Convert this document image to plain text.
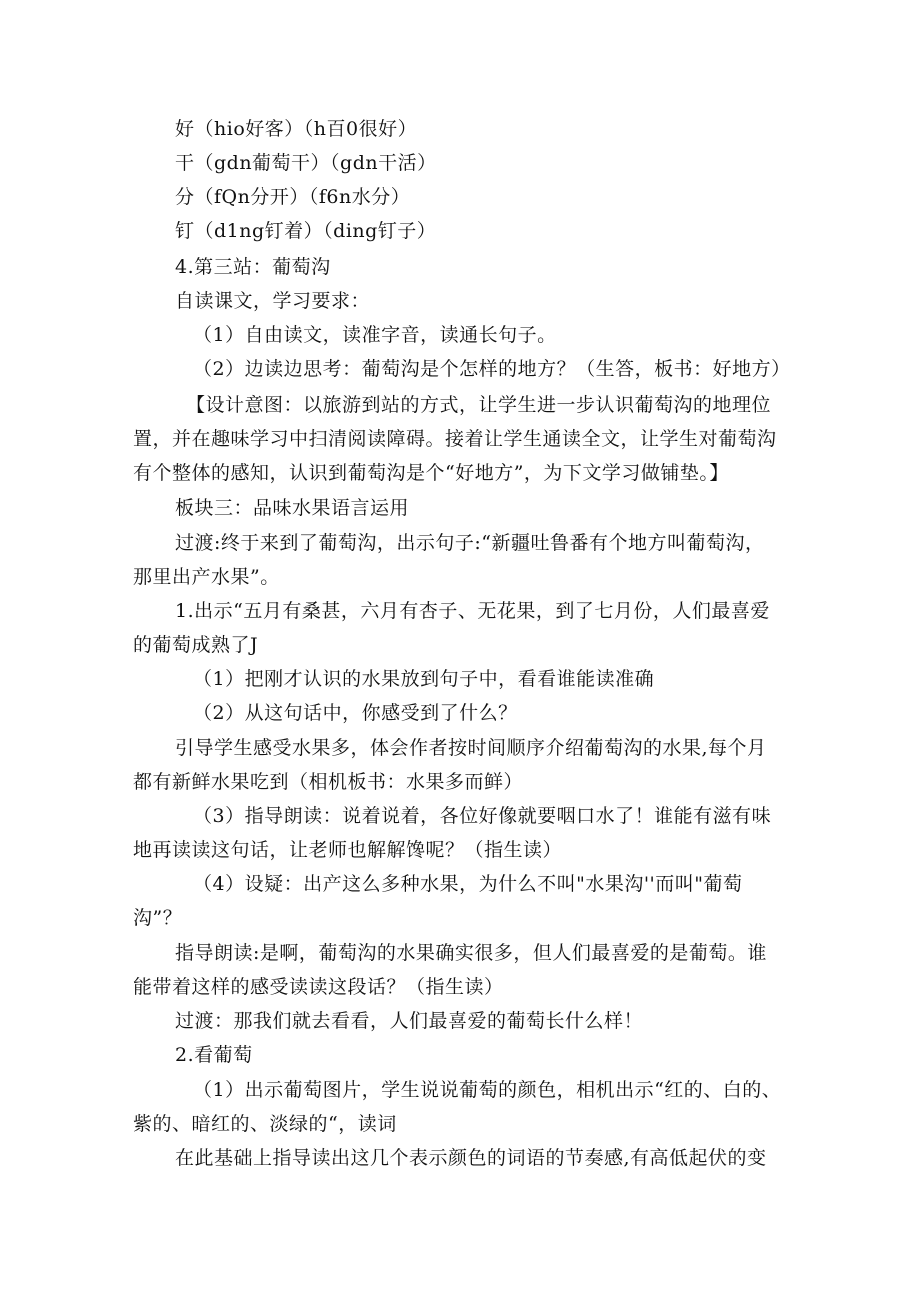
好（hio好客）（h百0很好）
干（gdn葡萄干）（gdn干活）
分（fQn分开）（f6n水分）
钉（d1ng钉着）（ding钉子）
4.第三站：葡萄沟
自读课文，学习要求：
（1）自由读文，读准字音，读通长句子。
（2）边读边思考：葡萄沟是个怎样的地方？（生答，板书：好地方）
【设计意图：以旅游到站的方式，让学生进一步认识葡萄沟的地理位
置，并在趣味学习中扫清阅读障碍。接着让学生通读全文，让学生对葡萄沟
有个整体的感知，认识到葡萄沟是个“好地方”，为下文学习做铺垫。】
板块三：品味水果语言运用
过渡:终于来到了葡萄沟，出示句子:“新疆吐鲁番有个地方叫葡萄沟，
那里出产水果”。
1.出示“五月有桑甚，六月有杏子、无花果，到了七月份，人们最喜爱
的葡萄成熟了J
（1）把刚才认识的水果放到句子中，看看谁能读准确
（2）从这句话中，你感受到了什么？
引导学生感受水果多，体会作者按时间顺序介绍葡萄沟的水果,每个月
都有新鲜水果吃到（相机板书：水果多而鲜）
（3）指导朗读：说着说着，各位好像就要咽口水了！谁能有滋有味
地再读读这句话，让老师也解解馋呢？（指生读）
（4）设疑：出产这么多种水果，为什么不叫"水果沟''而叫"葡萄
沟”？
指导朗读:是啊，葡萄沟的水果确实很多，但人们最喜爱的是葡萄。谁
能带着这样的感受读读这段话？（指生读）
过渡：那我们就去看看，人们最喜爱的葡萄长什么样！
2.看葡萄
（1）出示葡萄图片，学生说说葡萄的颜色，相机出示“红的、白的、
紫的、暗红的、淡绿的“，读词
在此基础上指导读出这几个表示颜色的词语的节奏感,有高低起伏的变
